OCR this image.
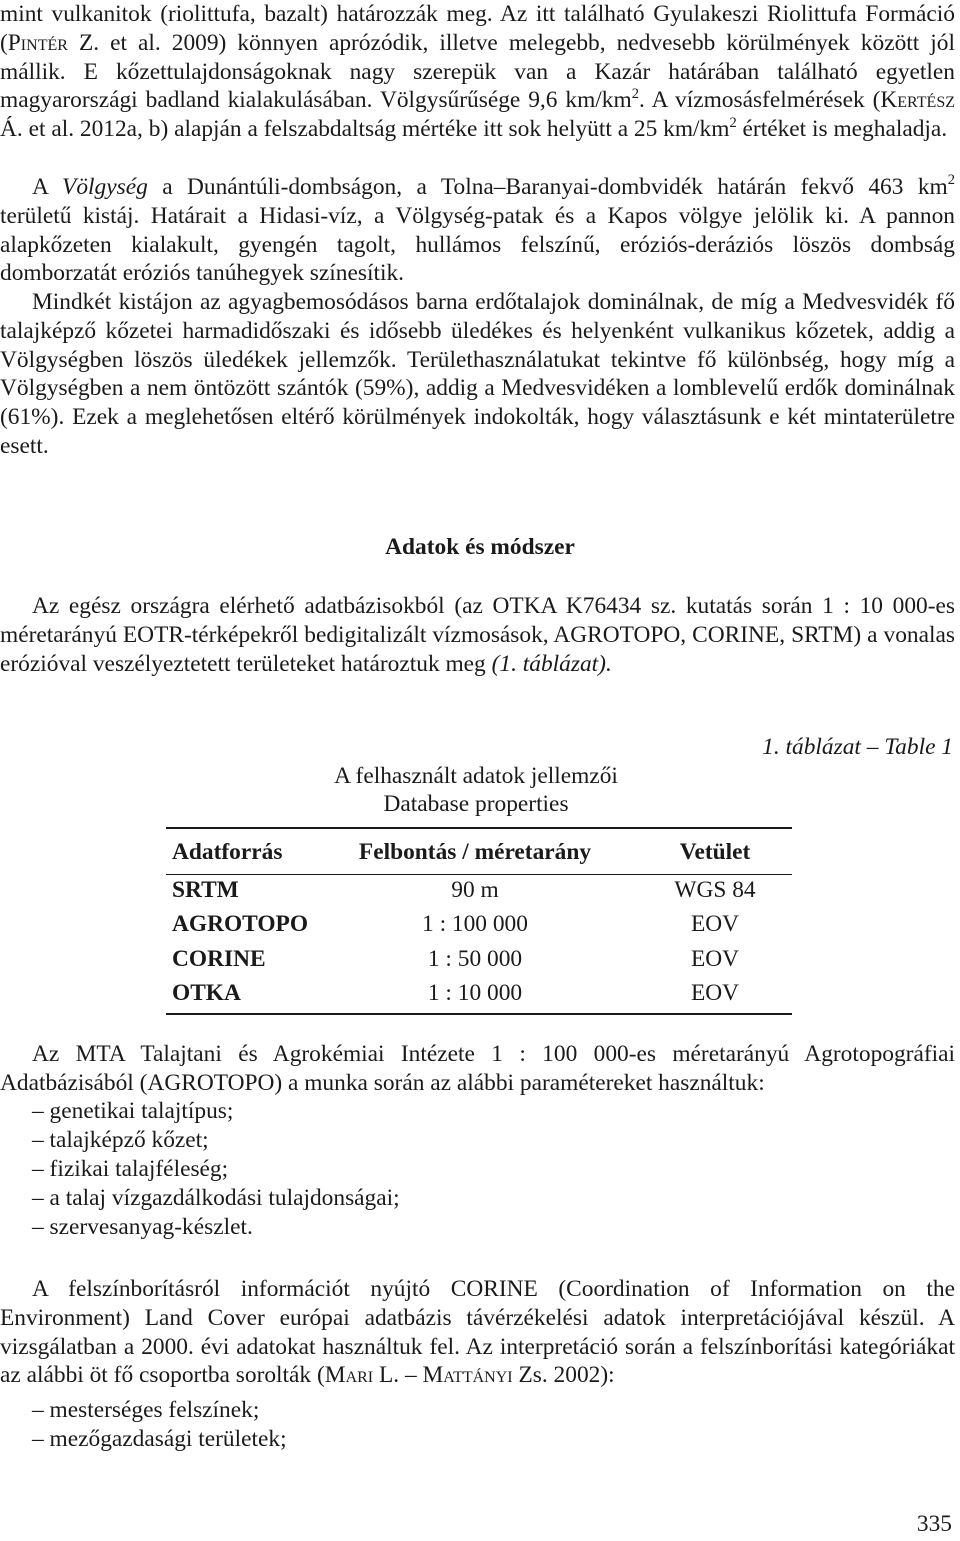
mint vulkanitok (riolittufa, bazalt) határozzák meg. Az itt található Gyulakeszi Riolittufa Formáció (Pintér Z. et al. 2009) könnyen aprózódik, illetve melegebb, nedvesebb körülmények között jól mállik. E kőzettulajdonságoknak nagy szerepük van a Kazár határában található egyetlen magyarországi badland kialakulásában. Völgysűrűsége 9,6 $km/km^2$. A vízmosásfelmérések (Kertész Á. et al. 2012a, b) alapján a felszabdaltság mértéke itt sok helyütt a 25 $km/km^2$ értéket is meghaladja.

A Völgység a Dunántúli-dombságon, a Tolna–Baranyai-dombvidék határán fekvő 463 $km^2$ területű kistáj. Határait a Hidasi-víz, a Völgység-patak és a Kapos völgye jelölik ki. A pannon alapkőzeten kialakult, gyengén tagolt, hullámos felszínű, eróziós-deráziós löszös dombság domborzatát eróziós tanúhegyek színesítik.

Mindkét kistájon az agyagbemosódásos barna erdőtalajok dominálnak, de míg a Medvesvidék fő talajképző kőzetei harmadidőszaki és idősebb üledékes és helyenként vulkanikus kőzetek, addig a Völgységben löszös üledékek jellemzők. Területhasználatukat tekintve fő különbség, hogy míg a Völgységben a nem öntözött szántók (59%), addig a Medvesvidéken a lomblevelű erdők dominálnak (61%). Ezek a meglehetősen eltérő körülmények indokolták, hogy választásunk e két mintaterületre esett.

Adatok és módszer

Az egész országra elérhető adatbázisokból (az OTKA K76434 sz. kutatás során 1 : 10 000-es méretarányú EOTR-térképekről bedigitalizált vízmosások, AGROTOPO, CORINE, SRTM) a vonalas erózióval veszélyeztetett területeket határoztuk meg (1. táblázat).

1. táblázat – Table 1
A felhasznált adatok jellemzői
Database properties
Adatforrás	Felbontás / méretarány	Vetület
SRTM	90 m	WGS 84
AGROTOPO	1 : 100 000	EOV
CORINE	1 : 50 000	EOV
OTKA	1 : 10 000	EOV

Az MTA Talajtani és Agrokémiai Intézete 1 : 100 000-es méretarányú Agrotopográfiai Adatbázisából (AGROTOPO) a munka során az alábbi paramétereket használtuk:

– genetikai talajtípus;
– talajképző kőzet;
– fizikai talajféleség;
– a talaj vízgazdálkodási tulajdonságai;
– szervesanyag-készlet.

A felszínborításról információt nyújtó CORINE (Coordination of Information on the Environment) Land Cover európai adatbázis távérzékelési adatok interpretációjával készül. A vizsgálatban a 2000. évi adatokat használtuk fel. Az interpretáció során a felszínborítási kategóriákat az alábbi öt fő csoportba sorolták (Mari L. – Mattányi Zs. 2002):

– mesterséges felszínek;
– mezőgazdasági területek;
335
